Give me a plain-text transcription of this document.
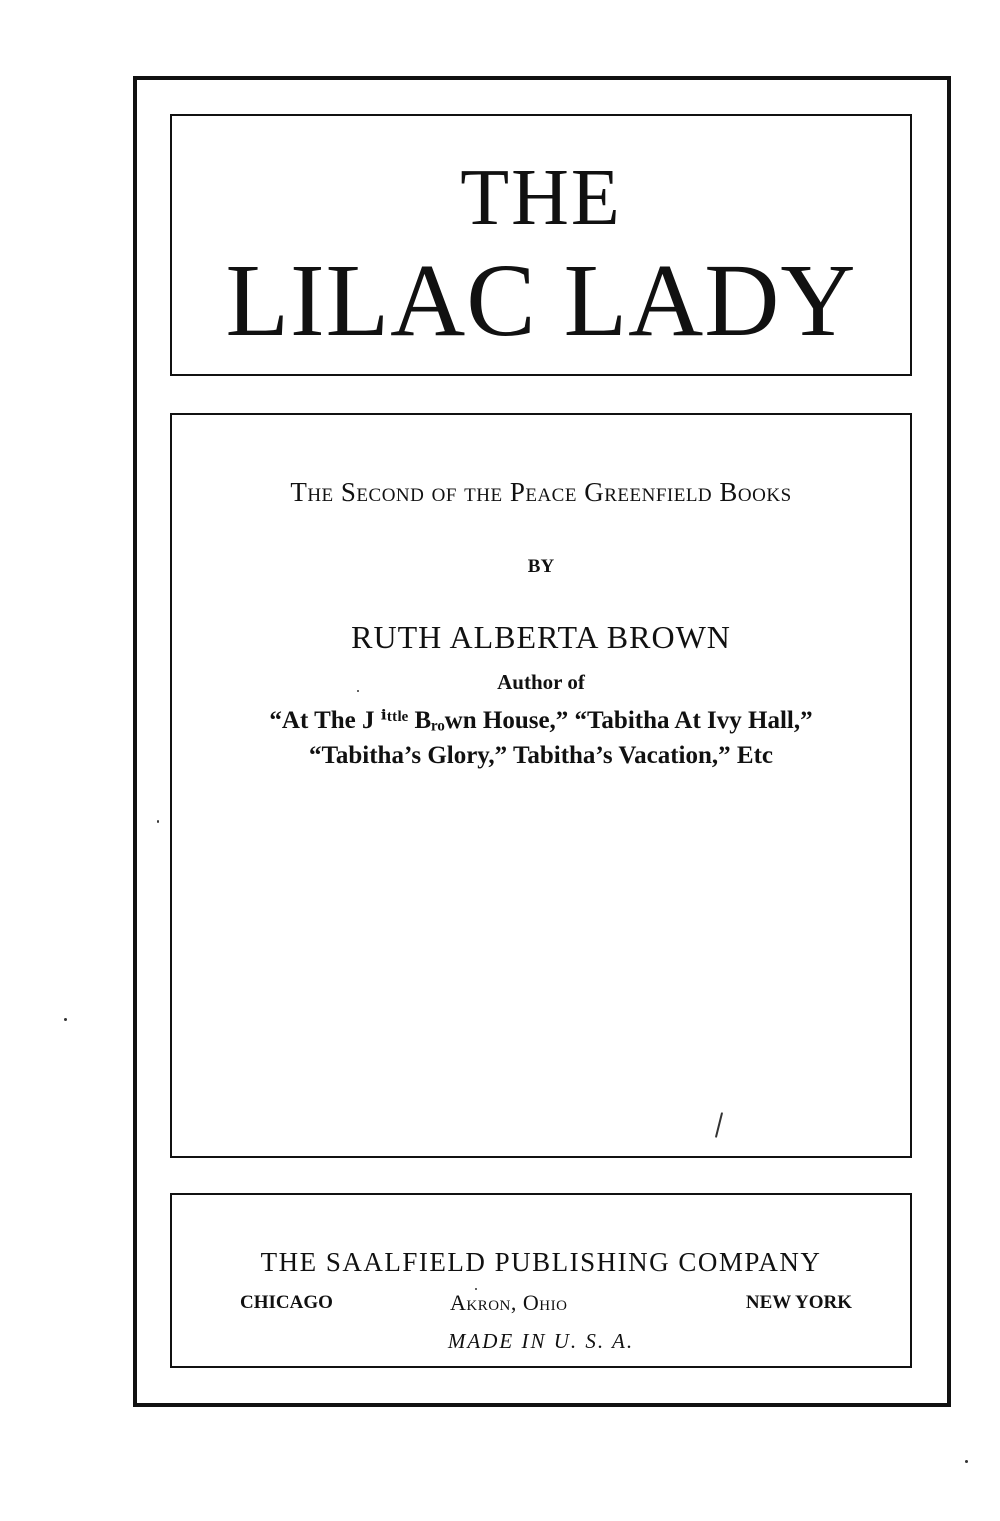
THE
LILAC LADY
The Second of the Peace Greenfield Books
BY
RUTH ALBERTA BROWN
Author of
“At The J ⁱᵗᵗˡᵉ Bᵣₒwn House,” “Tabitha At Ivy Hall,”
“Tabitha’s Glory,” Tabitha’s Vacation,” Etc
THE SAALFIELD PUBLISHING COMPANY
CHICAGO	Akron, Ohio	NEW YORK
MADE IN U. S. A.
